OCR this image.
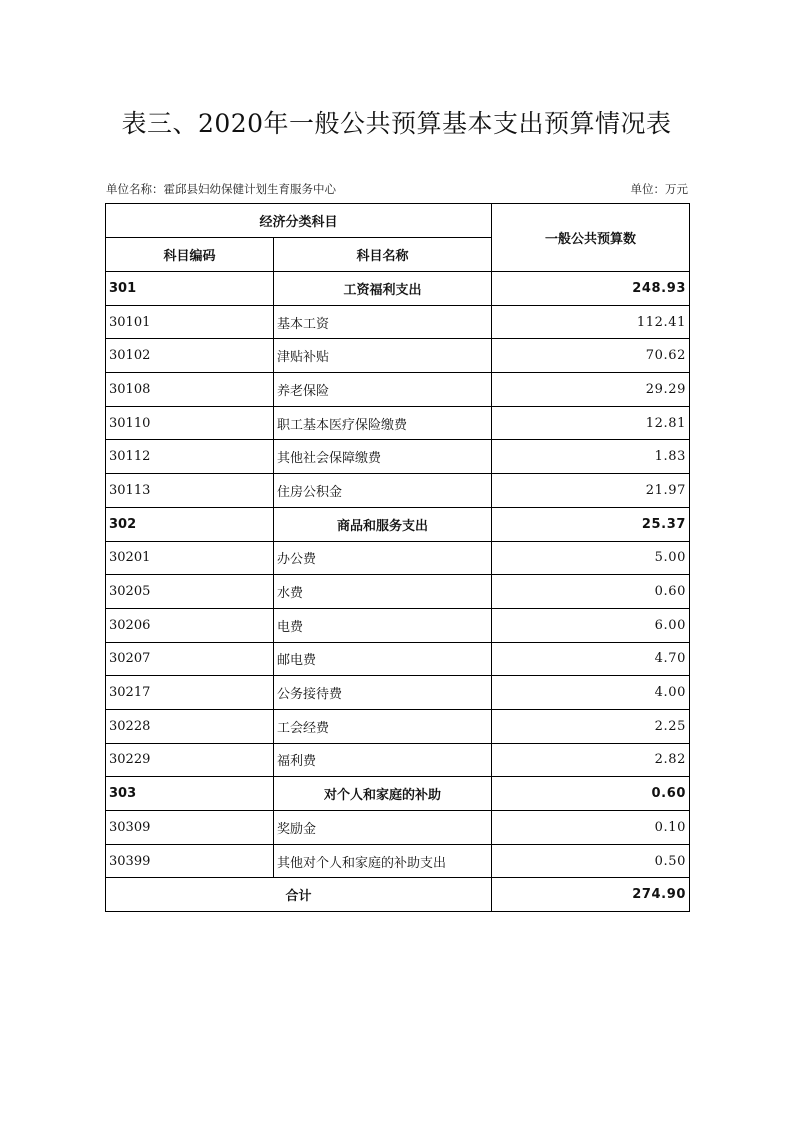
表三、2020年一般公共预算基本支出预算情况表
单位名称：霍邱县妇幼保健计划生育服务中心	单位：万元
经济分类科目		一般公共预算数
科目编码	科目名称	
301	工资福利支出	248.93
30101	基本工资	112.41
30102	津贴补贴	70.62
30108	养老保险	29.29
30110	职工基本医疗保险缴费	12.81
30112	其他社会保障缴费	1.83
30113	住房公积金	21.97
302	商品和服务支出	25.37
30201	办公费	5.00
30205	水费	0.60
30206	电费	6.00
30207	邮电费	4.70
30217	公务接待费	4.00
30228	工会经费	2.25
30229	福利费	2.82
303	对个人和家庭的补助	0.60
30309	奖励金	0.10
30399	其他对个人和家庭的补助支出	0.50
合计		274.90
